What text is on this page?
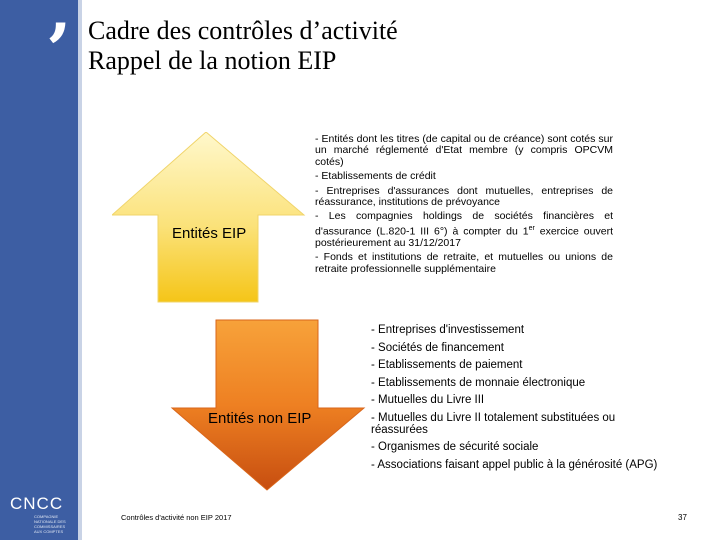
’
CNCC
COMPAGNIE NATIONALE DES COMMISSAIRES AUX COMPTES
Cadre des contrôles d’activité
Rappel de la notion EIP
Entités EIP
Entités non EIP

- Entités dont les titres (de capital ou de créance) sont cotés sur un marché réglementé d'Etat membre (y compris OPCVM cotés)

- Etablissements de crédit

- Entreprises d'assurances dont mutuelles, entreprises de réassurance, institutions de prévoyance

- Les compagnies holdings de sociétés financières et d'assurance (L.820-1 III 6°) à compter du 1er exercice ouvert postérieurement au 31/12/2017

- Fonds et institutions de retraite, et mutuelles ou unions de retraite professionnelle supplémentaire

- Entreprises d'investissement

- Sociétés de financement

- Etablissements de paiement

- Etablissements de monnaie électronique

- Mutuelles du Livre III

- Mutuelles du Livre II totalement substituées ou réassurées

- Organismes de sécurité sociale

- Associations faisant appel public à la générosité (APG)

Contrôles d'activité non EIP 2017	37
